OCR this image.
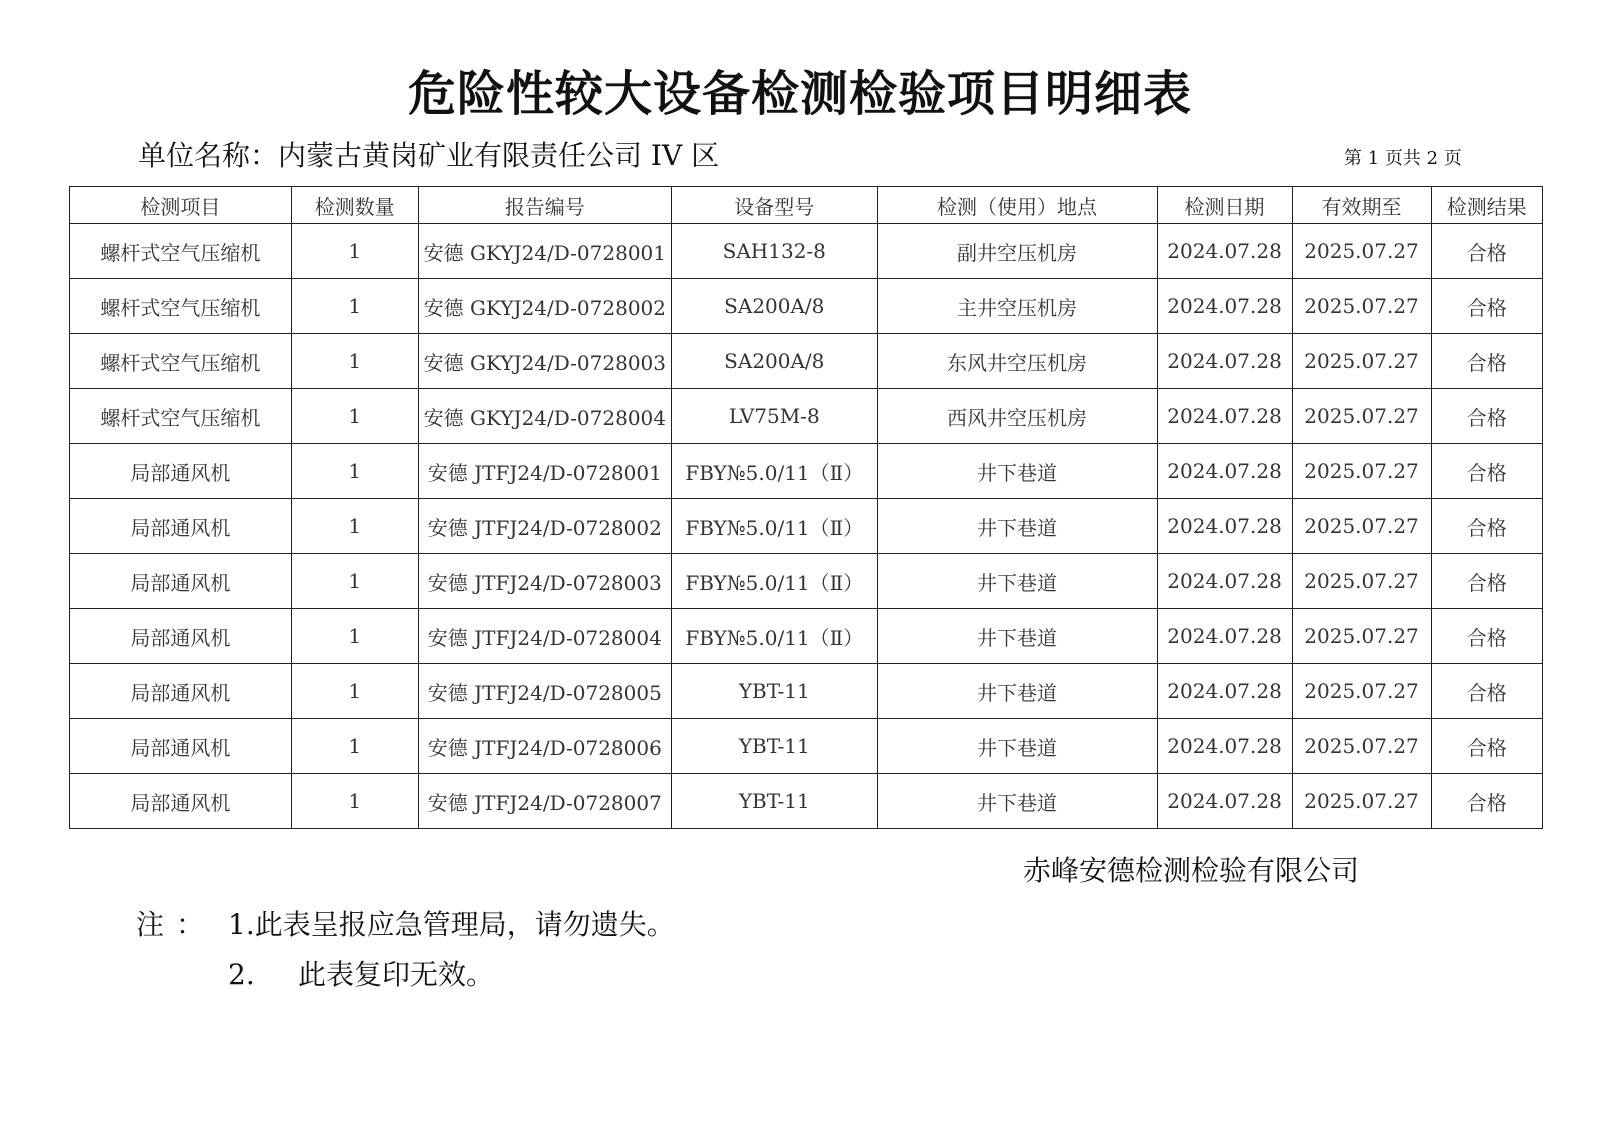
危险性较大设备检测检验项目明细表
单位名称：内蒙古黄岗矿业有限责任公司 IV 区	第 1 页共 2 页
检测项目	检测数量	报告编号	设备型号	检测（使用）地点	检测日期	有效期至	检测结果
螺杆式空气压缩机	1	安德 GKYJ24/D-0728001	SAH132-8	副井空压机房	2024.07.28	2025.07.27	合格
螺杆式空气压缩机	1	安德 GKYJ24/D-0728002	SA200A/8	主井空压机房	2024.07.28	2025.07.27	合格
螺杆式空气压缩机	1	安德 GKYJ24/D-0728003	SA200A/8	东风井空压机房	2024.07.28	2025.07.27	合格
螺杆式空气压缩机	1	安德 GKYJ24/D-0728004	LV75M-8	西风井空压机房	2024.07.28	2025.07.27	合格
局部通风机	1	安德 JTFJ24/D-0728001	FBY№5.0/11（Ⅱ）	井下巷道	2024.07.28	2025.07.27	合格
局部通风机	1	安德 JTFJ24/D-0728002	FBY№5.0/11（Ⅱ）	井下巷道	2024.07.28	2025.07.27	合格
局部通风机	1	安德 JTFJ24/D-0728003	FBY№5.0/11（Ⅱ）	井下巷道	2024.07.28	2025.07.27	合格
局部通风机	1	安德 JTFJ24/D-0728004	FBY№5.0/11（Ⅱ）	井下巷道	2024.07.28	2025.07.27	合格
局部通风机	1	安德 JTFJ24/D-0728005	YBT-11	井下巷道	2024.07.28	2025.07.27	合格
局部通风机	1	安德 JTFJ24/D-0728006	YBT-11	井下巷道	2024.07.28	2025.07.27	合格
局部通风机	1	安德 JTFJ24/D-0728007	YBT-11	井下巷道	2024.07.28	2025.07.27	合格
赤峰安德检测检验有限公司
注 ： 1.此表呈报应急管理局，请勿遗失。
2. 此表复印无效。
